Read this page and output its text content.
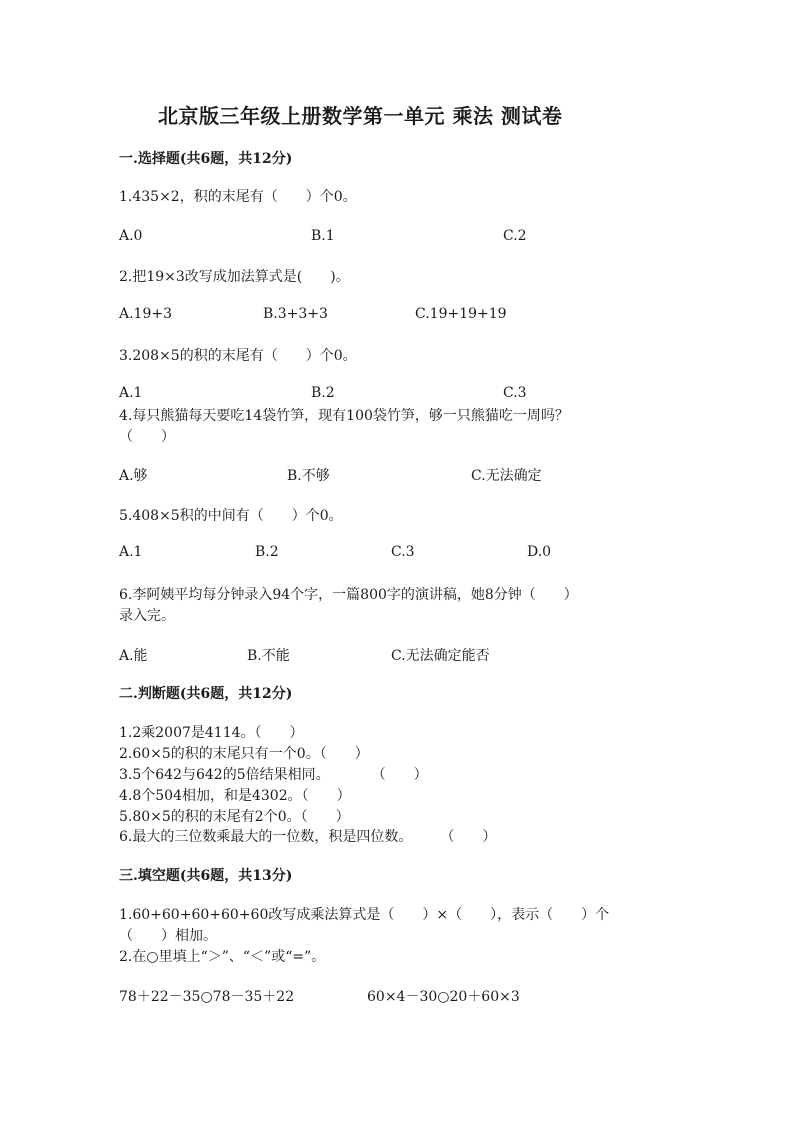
北京版三年级上册数学第一单元 乘法 测试卷
一.选择题(共6题，共12分)
1.435×2，积的末尾有（　　）个0。
A.0	B.1	C.2
2.把19×3改写成加法算式是(　　)。
A.19+3	B.3+3+3	C.19+19+19
3.208×5的积的末尾有（　　）个0。
A.1	B.2	C.3
4.每只熊猫每天要吃14袋竹笋，现有100袋竹笋，够一只熊猫吃一周吗？
（　　）
A.够	B.不够	C.无法确定
5.408×5积的中间有（　　）个0。
A.1	B.2	C.3	D.0
6.李阿姨平均每分钟录入94个字，一篇800字的演讲稿，她8分钟（　　）
录入完。
A.能	B.不能	C.无法确定能否
二.判断题(共6题，共12分)
1.2乘2007是4114。（　　）
2.60×5的积的末尾只有一个0。（　　）
3.5个642与642的5倍结果相同。　　　　（　　）
4.8个504相加，和是4302。（　　）
5.80×5的积的末尾有2个0。（　　）
6.最大的三位数乘最大的一位数，积是四位数。　　　（　　）
三.填空题(共6题，共13分)
1.60+60+60+60+60改写成乘法算式是（　　）×（　　），表示（　　）个
（　　）相加。
2.在○里填上“＞”、“＜”或“=”。
78＋22－35○78－35＋22	60×4－30○20＋60×3
